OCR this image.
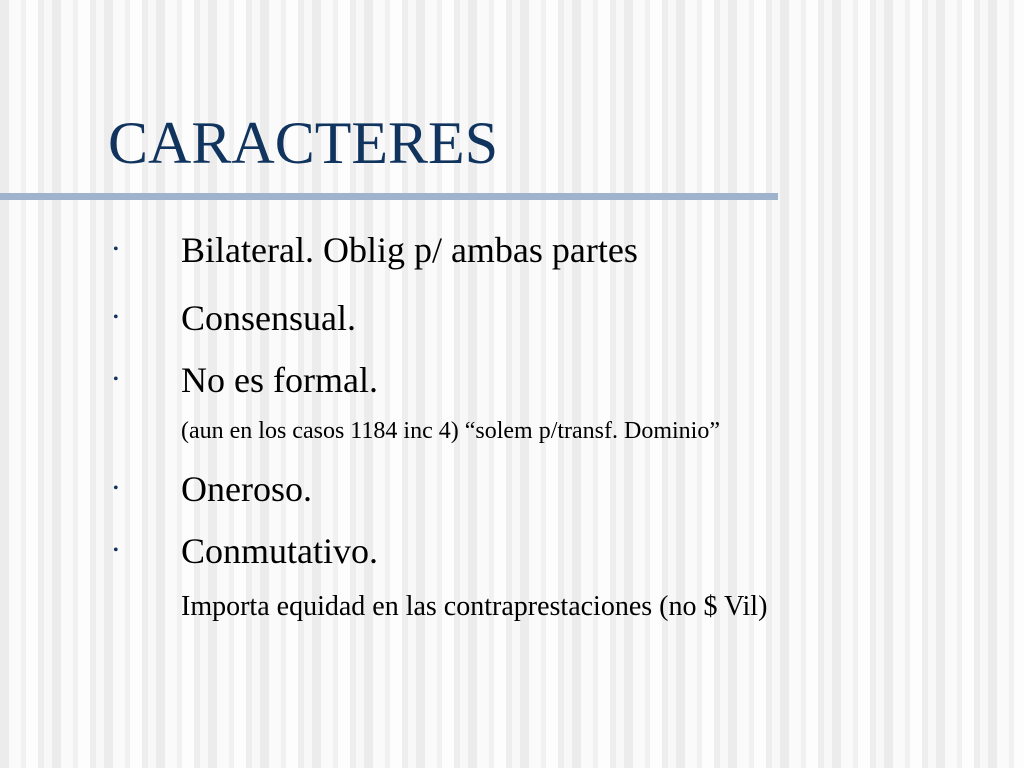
CARACTERES
• Bilateral. Oblig p/ ambas partes
• Consensual.
• No es formal.
(aun en los casos 1184 inc 4) “solem p/transf. Dominio”
• Oneroso.
• Conmutativo.
Importa equidad en las contraprestaciones (no $ Vil)
